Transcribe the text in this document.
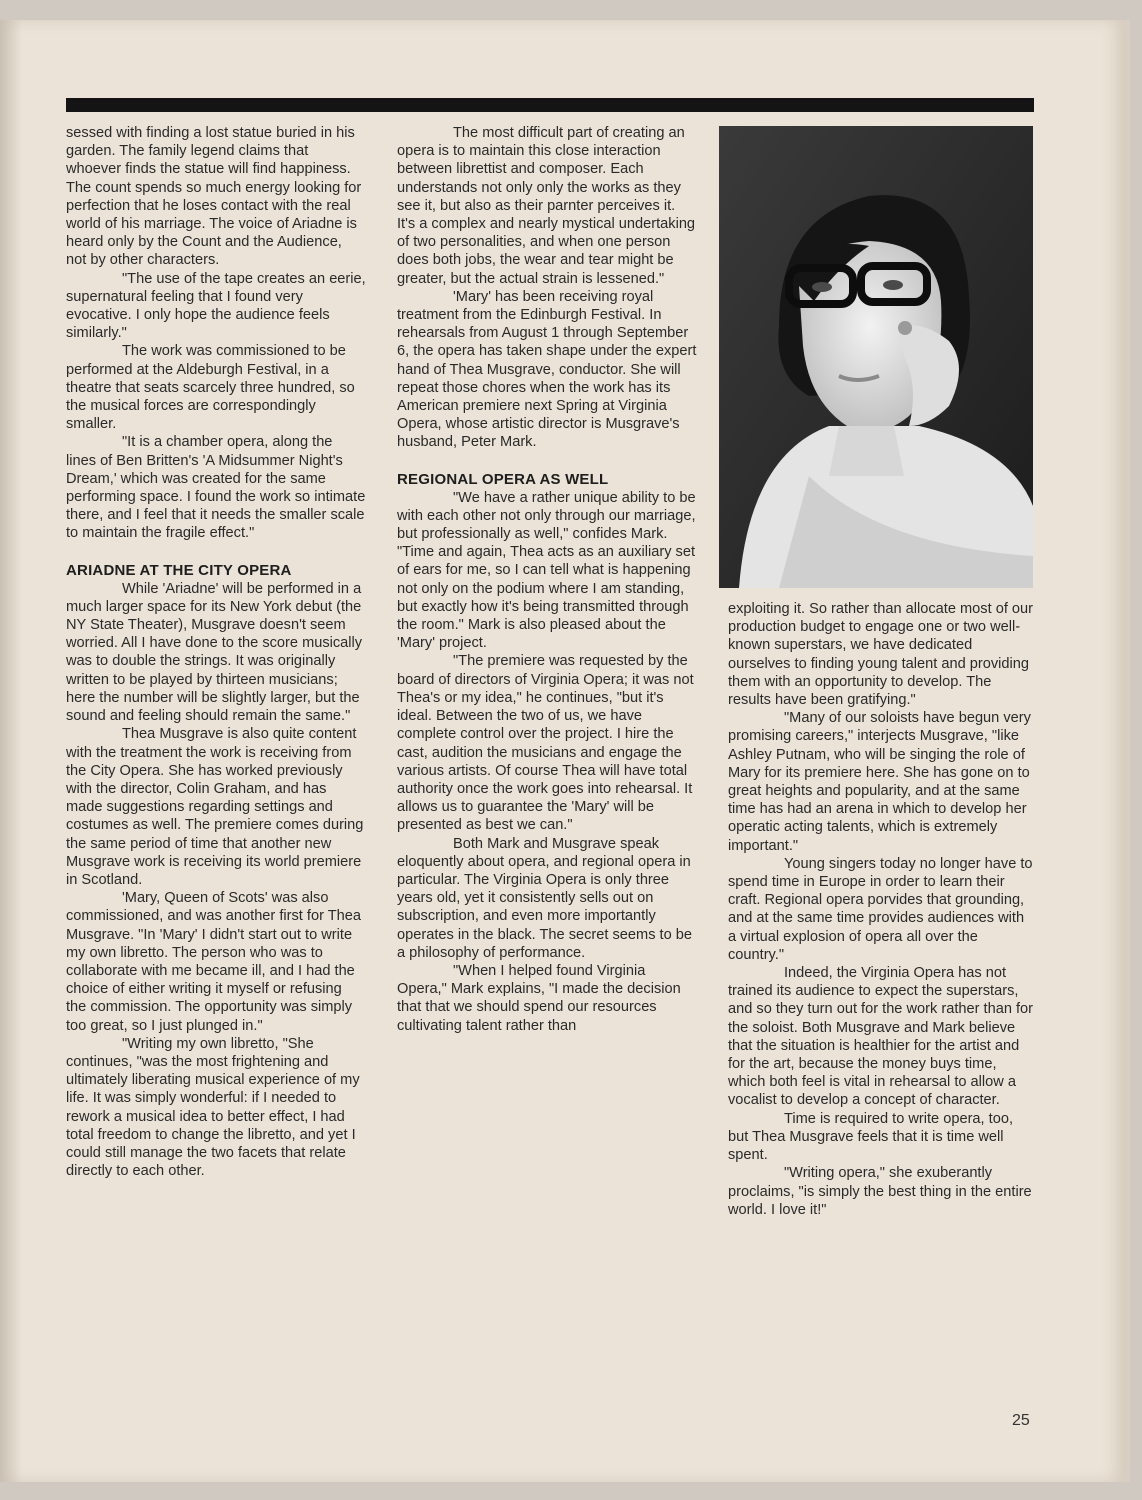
sessed with finding a lost statue buried in his garden. The family legend claims that whoever finds the statue will find happiness. The count spends so much energy looking for perfection that he loses contact with the real world of his marriage. The voice of Ariadne is heard only by the Count and the Audience, not by other characters.

"The use of the tape creates an eerie, supernatural feeling that I found very evocative. I only hope the audience feels similarly."

The work was commissioned to be performed at the Aldeburgh Festival, in a theatre that seats scarcely three hundred, so the musical forces are correspondingly smaller.

"It is a chamber opera, along the lines of Ben Britten's 'A Midsummer Night's Dream,' which was created for the same performing space. I found the work so intimate there, and I feel that it needs the smaller scale to maintain the fragile effect."

ARIADNE AT THE CITY OPERA

While 'Ariadne' will be performed in a much larger space for its New York debut (the NY State Theater), Musgrave doesn't seem worried. All I have done to the score musically was to double the strings. It was originally written to be played by thirteen musicians; here the number will be slightly larger, but the sound and feeling should remain the same."

Thea Musgrave is also quite content with the treatment the work is receiving from the City Opera. She has worked previously with the director, Colin Graham, and has made suggestions regarding settings and costumes as well. The premiere comes during the same period of time that another new Musgrave work is receiving its world premiere in Scotland.

'Mary, Queen of Scots' was also commissioned, and was another first for Thea Musgrave. "In 'Mary' I didn't start out to write my own libretto. The person who was to collaborate with me became ill, and I had the choice of either writing it myself or refusing the commission. The opportunity was simply too great, so I just plunged in."

"Writing my own libretto, "She continues, "was the most frightening and ultimately liberating musical experience of my life. It was simply wonderful: if I needed to rework a musical idea to better effect, I had total freedom to change the libretto, and yet I could still manage the two facets that relate directly to each other.

The most difficult part of creating an opera is to maintain this close interaction between librettist and composer. Each understands not only only the works as they see it, but also as their parnter perceives it. It's a complex and nearly mystical undertaking of two personalities, and when one person does both jobs, the wear and tear might be greater, but the actual strain is lessened."

'Mary' has been receiving royal treatment from the Edinburgh Festival. In rehearsals from August 1 through September 6, the opera has taken shape under the expert hand of Thea Musgrave, conductor. She will repeat those chores when the work has its American premiere next Spring at Virginia Opera, whose artistic director is Musgrave's husband, Peter Mark.

REGIONAL OPERA AS WELL

"We have a rather unique ability to be with each other not only through our marriage, but professionally as well," confides Mark. "Time and again, Thea acts as an auxiliary set of ears for me, so I can tell what is happening not only on the podium where I am standing, but exactly how it's being transmitted through the room." Mark is also pleased about the 'Mary' project.

"The premiere was requested by the board of directors of Virginia Opera; it was not Thea's or my idea," he continues, "but it's ideal. Between the two of us, we have complete control over the project. I hire the cast, audition the musicians and engage the various artists. Of course Thea will have total authority once the work goes into rehearsal. It allows us to guarantee the 'Mary' will be presented as best we can."

Both Mark and Musgrave speak eloquently about opera, and regional opera in particular. The Virginia Opera is only three years old, yet it consistently sells out on subscription, and even more importantly operates in the black. The secret seems to be a philosophy of performance.

"When I helped found Virginia Opera," Mark explains, "I made the decision that that we should spend our resources cultivating talent rather than

exploiting it. So rather than allocate most of our production budget to engage one or two well-known superstars, we have dedicated ourselves to finding young talent and providing them with an opportunity to develop. The results have been gratifying."

"Many of our soloists have begun very promising careers," interjects Musgrave, "like Ashley Putnam, who will be singing the role of Mary for its premiere here. She has gone on to great heights and popularity, and at the same time has had an arena in which to develop her operatic acting talents, which is extremely important."

Young singers today no longer have to spend time in Europe in order to learn their craft. Regional opera porvides that grounding, and at the same time provides audiences with a virtual explosion of opera all over the country."

Indeed, the Virginia Opera has not trained its audience to expect the superstars, and so they turn out for the work rather than for the soloist. Both Musgrave and Mark believe that the situation is healthier for the artist and for the art, because the money buys time, which both feel is vital in rehearsal to allow a vocalist to develop a concept of character.

Time is required to write opera, too, but Thea Musgrave feels that it is time well spent.

"Writing opera," she exuberantly proclaims, "is simply the best thing in the entire world. I love it!"

25
